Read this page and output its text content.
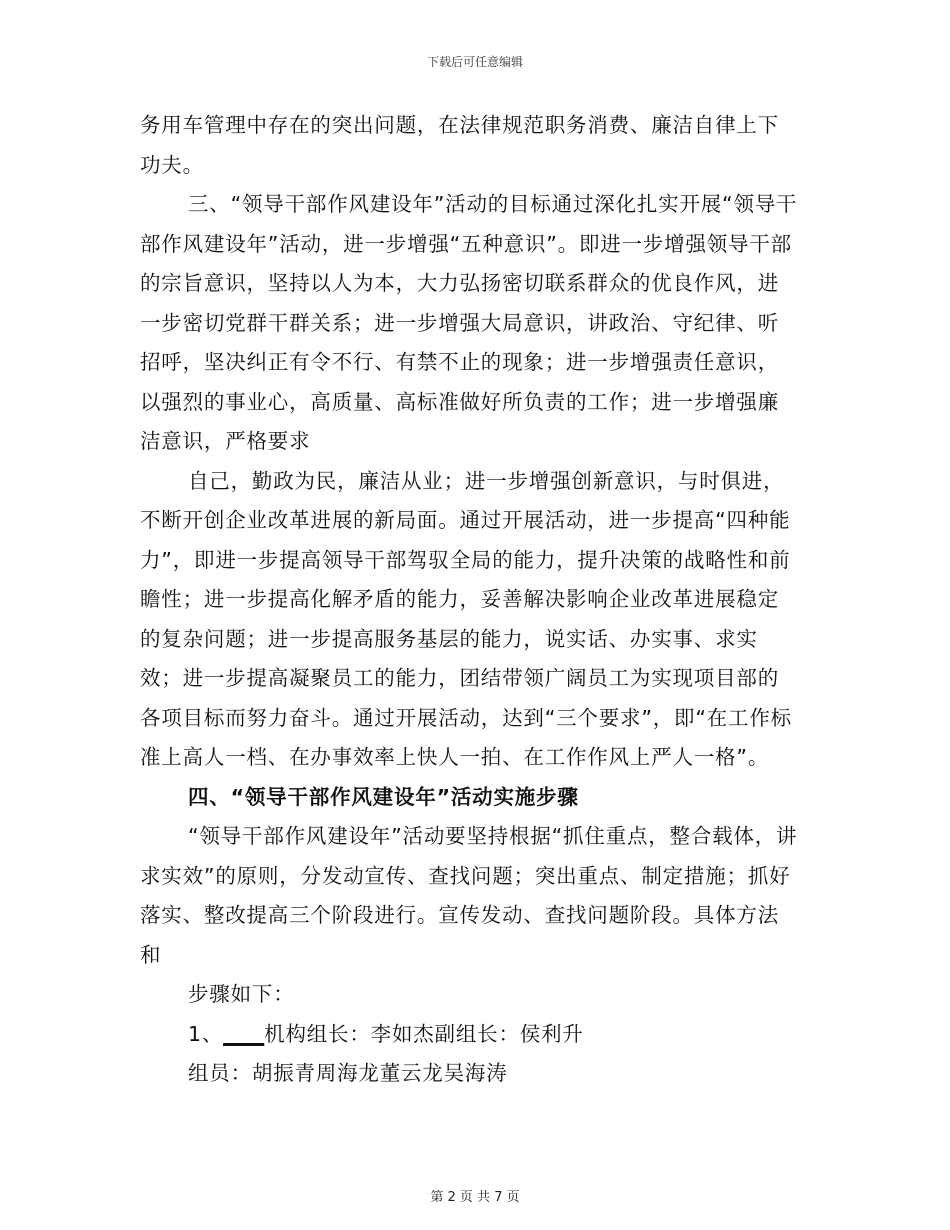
下载后可任意编辑

务用车管理中存在的突出问题，在法律规范职务消费、廉洁自律上下功夫。

三、“领导干部作风建设年”活动的目标通过深化扎实开展“领导干部作风建设年”活动，进一步增强“五种意识”。即进一步增强领导干部的宗旨意识，坚持以人为本，大力弘扬密切联系群众的优良作风，进一步密切党群干群关系；进一步增强大局意识，讲政治、守纪律、听招呼，坚决纠正有令不行、有禁不止的现象；进一步增强责任意识，以强烈的事业心，高质量、高标准做好所负责的工作；进一步增强廉洁意识，严格要求

自己，勤政为民，廉洁从业；进一步增强创新意识，与时俱进，不断开创企业改革进展的新局面。通过开展活动，进一步提高“四种能力”，即进一步提高领导干部驾驭全局的能力，提升决策的战略性和前瞻性；进一步提高化解矛盾的能力，妥善解决影响企业改革进展稳定的复杂问题；进一步提高服务基层的能力，说实话、办实事、求实效；进一步提高凝聚员工的能力，团结带领广阔员工为实现项目部的各项目标而努力奋斗。通过开展活动，达到“三个要求”，即“在工作标准上高人一档、在办事效率上快人一拍、在工作作风上严人一格”。

四、“领导干部作风建设年”活动实施步骤

“领导干部作风建设年”活动要坚持根据“抓住重点，整合载体，讲求实效”的原则，分发动宣传、查找问题；突出重点、制定措施；抓好落实、整改提高三个阶段进行。宣传发动、查找问题阶段。具体方法和

步骤如下：

1、____机构组长：李如杰副组长：侯利升

组员：胡振青周海龙董云龙吴海涛

第 2 页 共 7 页
